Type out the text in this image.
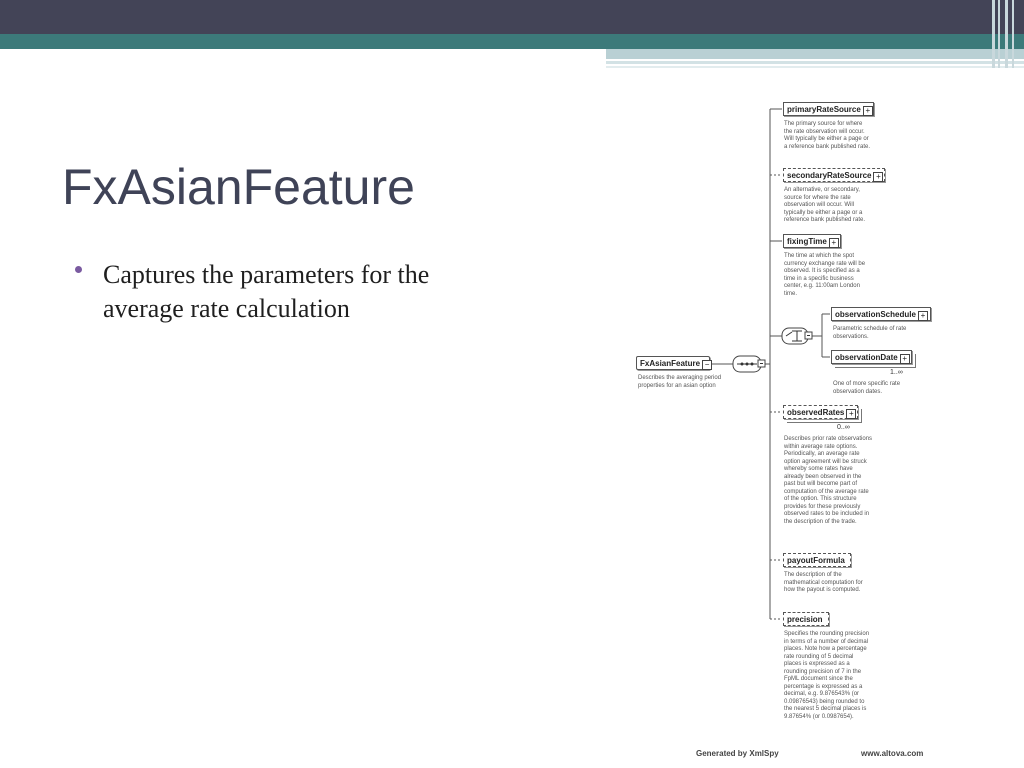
FxAsianFeature
Captures the parameters for the average rate calculation
FxAsianFeature −
Describes the averaging period properties for an asian option
primaryRateSource +
The primary source for where the rate observation will occur. Will typically be either a page or a reference bank published rate.
secondaryRateSource +
An alternative, or secondary, source for where the rate observation will occur. Will typically be either a page or a reference bank published rate.
fixingTime +
The time at which the spot currency exchange rate will be observed. It is specified as a time in a specific business center, e.g. 11:00am London time.
observationSchedule +
Parametric schedule of rate observations.
observationDate +
1..∞
One of more specific rate observation dates.
observedRates +
0..∞
Describes prior rate observations within average rate options. Periodically, an average rate option agreement will be struck whereby some rates have already been observed in the past but will become part of computation of the average rate of the option. This structure provides for these previously observed rates to be included in the description of the trade.
payoutFormula
The description of the mathematical computation for how the payout is computed.
precision
Specifies the rounding precision in terms of a number of decimal places. Note how a percentage rate rounding of 5 decimal places is expressed as a rounding precision of 7 in the FpML document since the percentage is expressed as a decimal, e.g. 9.876543% (or 0.09876543) being rounded to the nearest 5 decimal places is 9.87654% (or 0.0987654).
Generated by XmlSpy	www.altova.com
